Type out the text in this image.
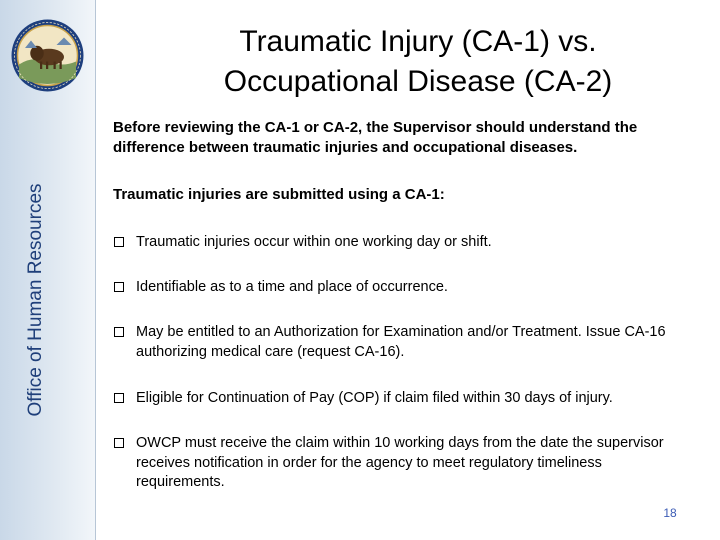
Office of Human Resources
Traumatic Injury (CA-1) vs.
Occupational Disease (CA-2)
Before reviewing the CA-1 or CA-2, the Supervisor should understand the difference between traumatic injuries and occupational diseases.
Traumatic injuries are submitted using a CA-1:
Traumatic injuries occur within one working day or shift.
Identifiable as to a time and place of occurrence.
May be entitled to an Authorization for Examination and/or Treatment. Issue CA-16 authorizing medical care (request CA-16).
Eligible for Continuation of Pay (COP) if claim filed within 30 days of injury.
OWCP must receive the claim within 10 working days from the date the supervisor receives notification in order for the agency to meet regulatory timeliness requirements.
18
